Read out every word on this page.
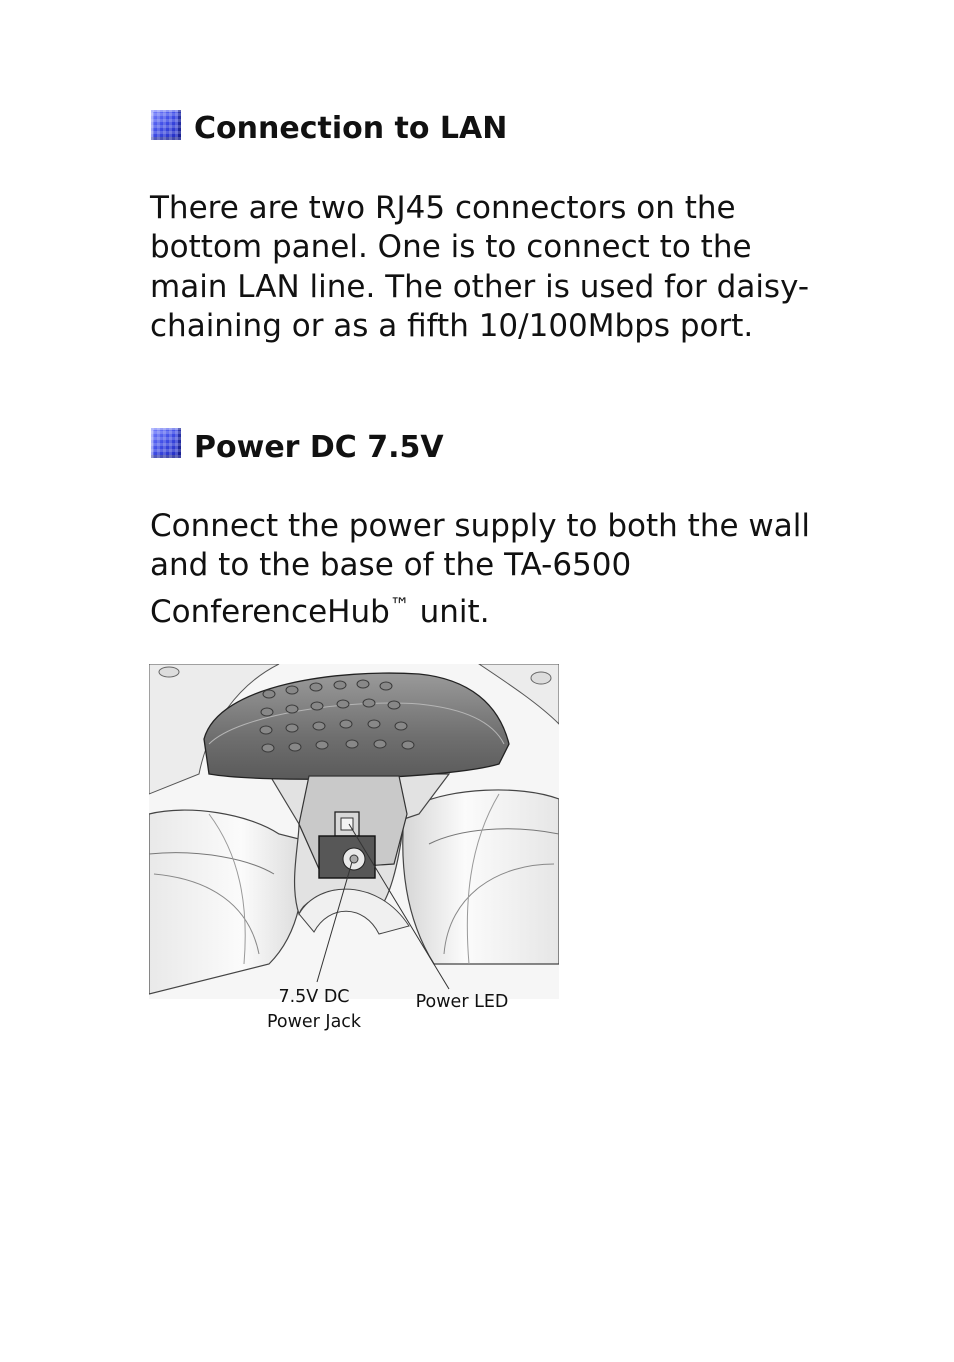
Connection to LAN

There are two RJ45 connectors on the
bottom panel. One is to connect to the
main LAN line. The other is used for daisy-
chaining or as a fifth 10/100Mbps port.

Power DC 7.5V

Connect the power supply to both the wall
and to the base of the TA-6500
ConferenceHub™ unit.

7.5V DC
Power Jack
Power LED
